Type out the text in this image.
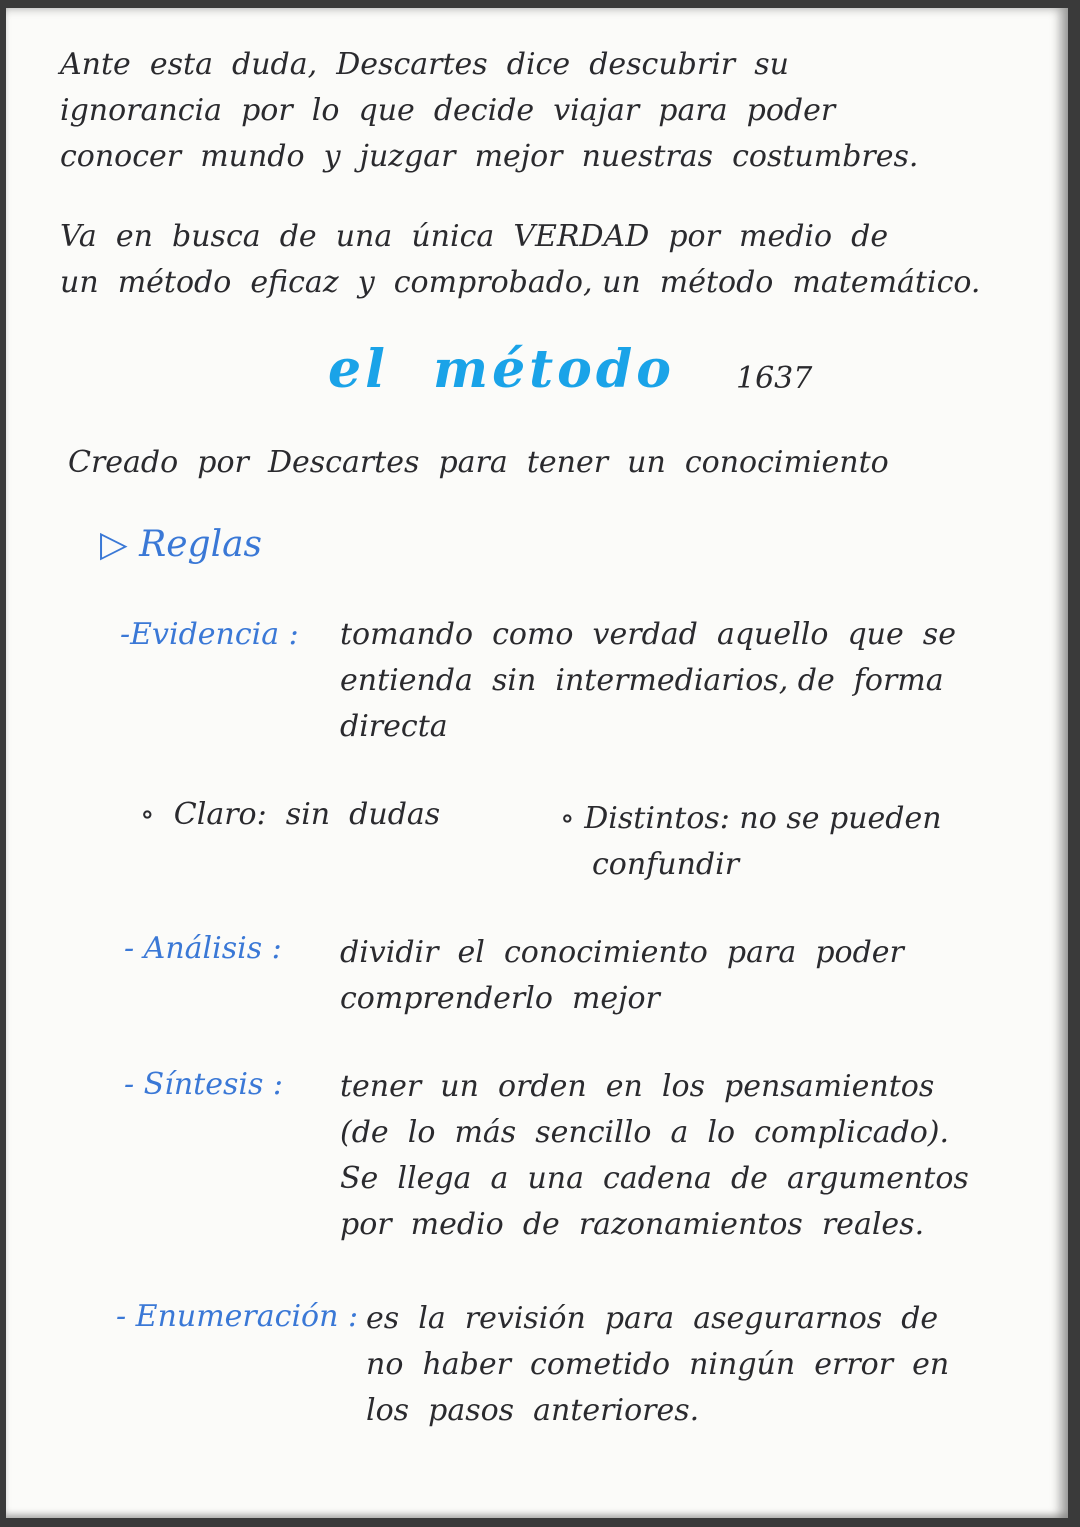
Ante  esta  duda,  Descartes  dice  descubrir  su
ignorancia  por  lo  que  decide  viajar  para  poder
conocer  mundo  y  juzgar  mejor  nuestras  costumbres.
Va  en  busca  de  una  única  VERDAD  por  medio  de
un  método  eficaz  y  comprobado, un  método  matemático.
el  método 1637
Creado  por  Descartes  para  tener  un  conocimiento
▷ Reglas
-Evidencia : tomando  como  verdad  aquello  que  se
entienda  sin  intermediarios, de  forma
directa
∘  Claro:  sin  dudas	∘ Distintos: no se pueden
confundir
- Análisis : dividir  el  conocimiento  para  poder
comprenderlo  mejor
- Síntesis : tener  un  orden  en  los  pensamientos
(de  lo  más  sencillo  a  lo  complicado).
Se  llega  a  una  cadena  de  argumentos
por  medio  de  razonamientos  reales.
- Enumeración : es  la  revisión  para  asegurarnos  de
no  haber  cometido  ningún  error  en
los  pasos  anteriores.
